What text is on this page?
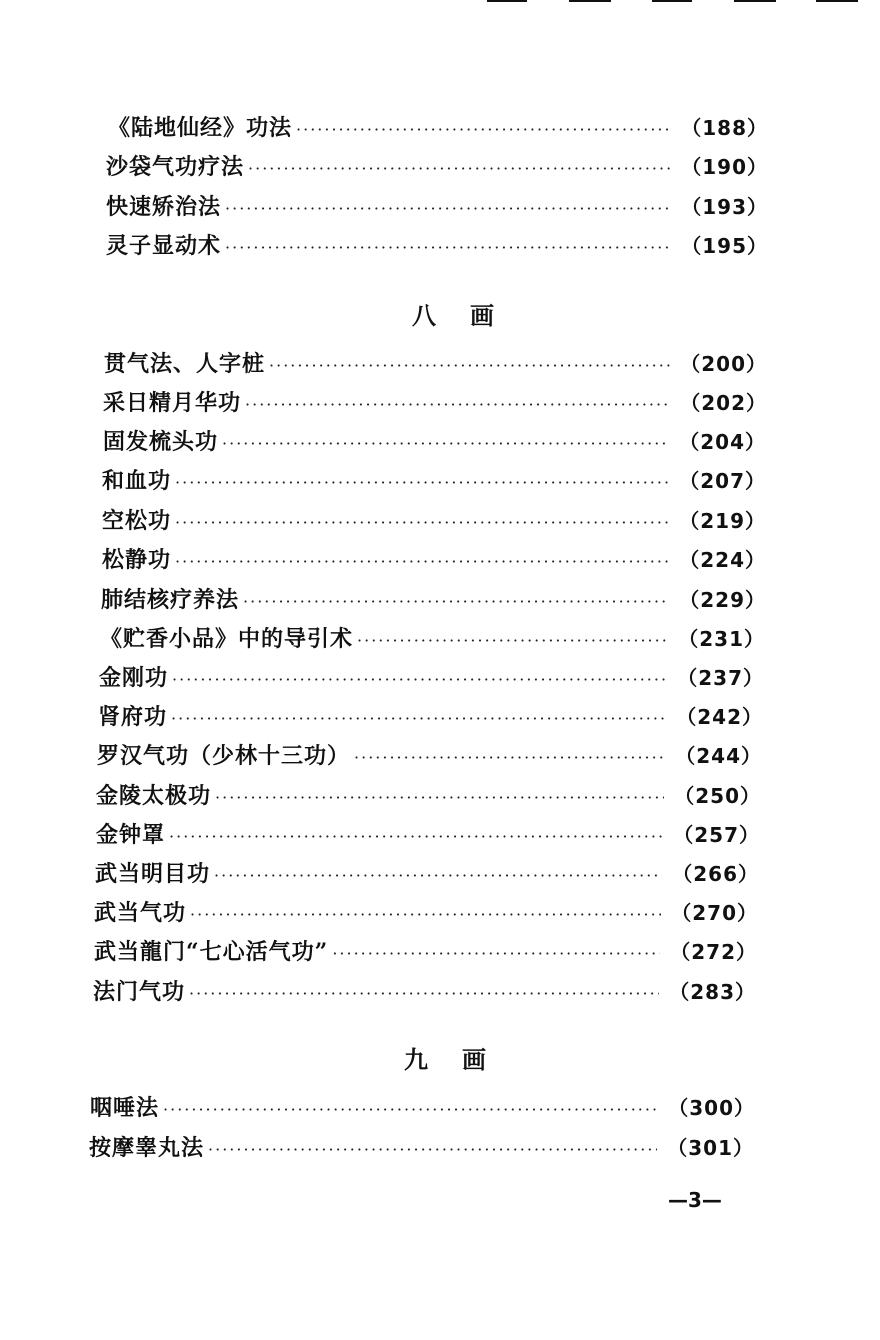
《陆地仙经》功法 ·····	（188）
沙袋气功疗法 ·····	（190）
快速矫治法 ·····	（193）
灵子显动术 ·····	（195）
八画
贯气法、人字桩 ·····	（200）
采日精月华功 ·····	（202）
固发梳头功 ·····	（204）
和血功 ·····	（207）
空松功 ·····	（219）
松静功 ·····	（224）
肺结核疗养法 ·····	（229）
《贮香小品》中的导引术 ·····	（231）
金刚功 ·····	（237）
肾府功 ·····	（242）
罗汉气功（少林十三功） ·····	（244）
金陵太极功 ·····	（250）
金钟罩 ·····	（257）
武当明目功 ·····	（266）
武当气功 ·····	（270）
武当龍门“七心活气功” ·····	（272）
法门气功 ·····	（283）
九画
咽唾法 ·····	（300）
按摩睾丸法 ·····	（301）
—3—
